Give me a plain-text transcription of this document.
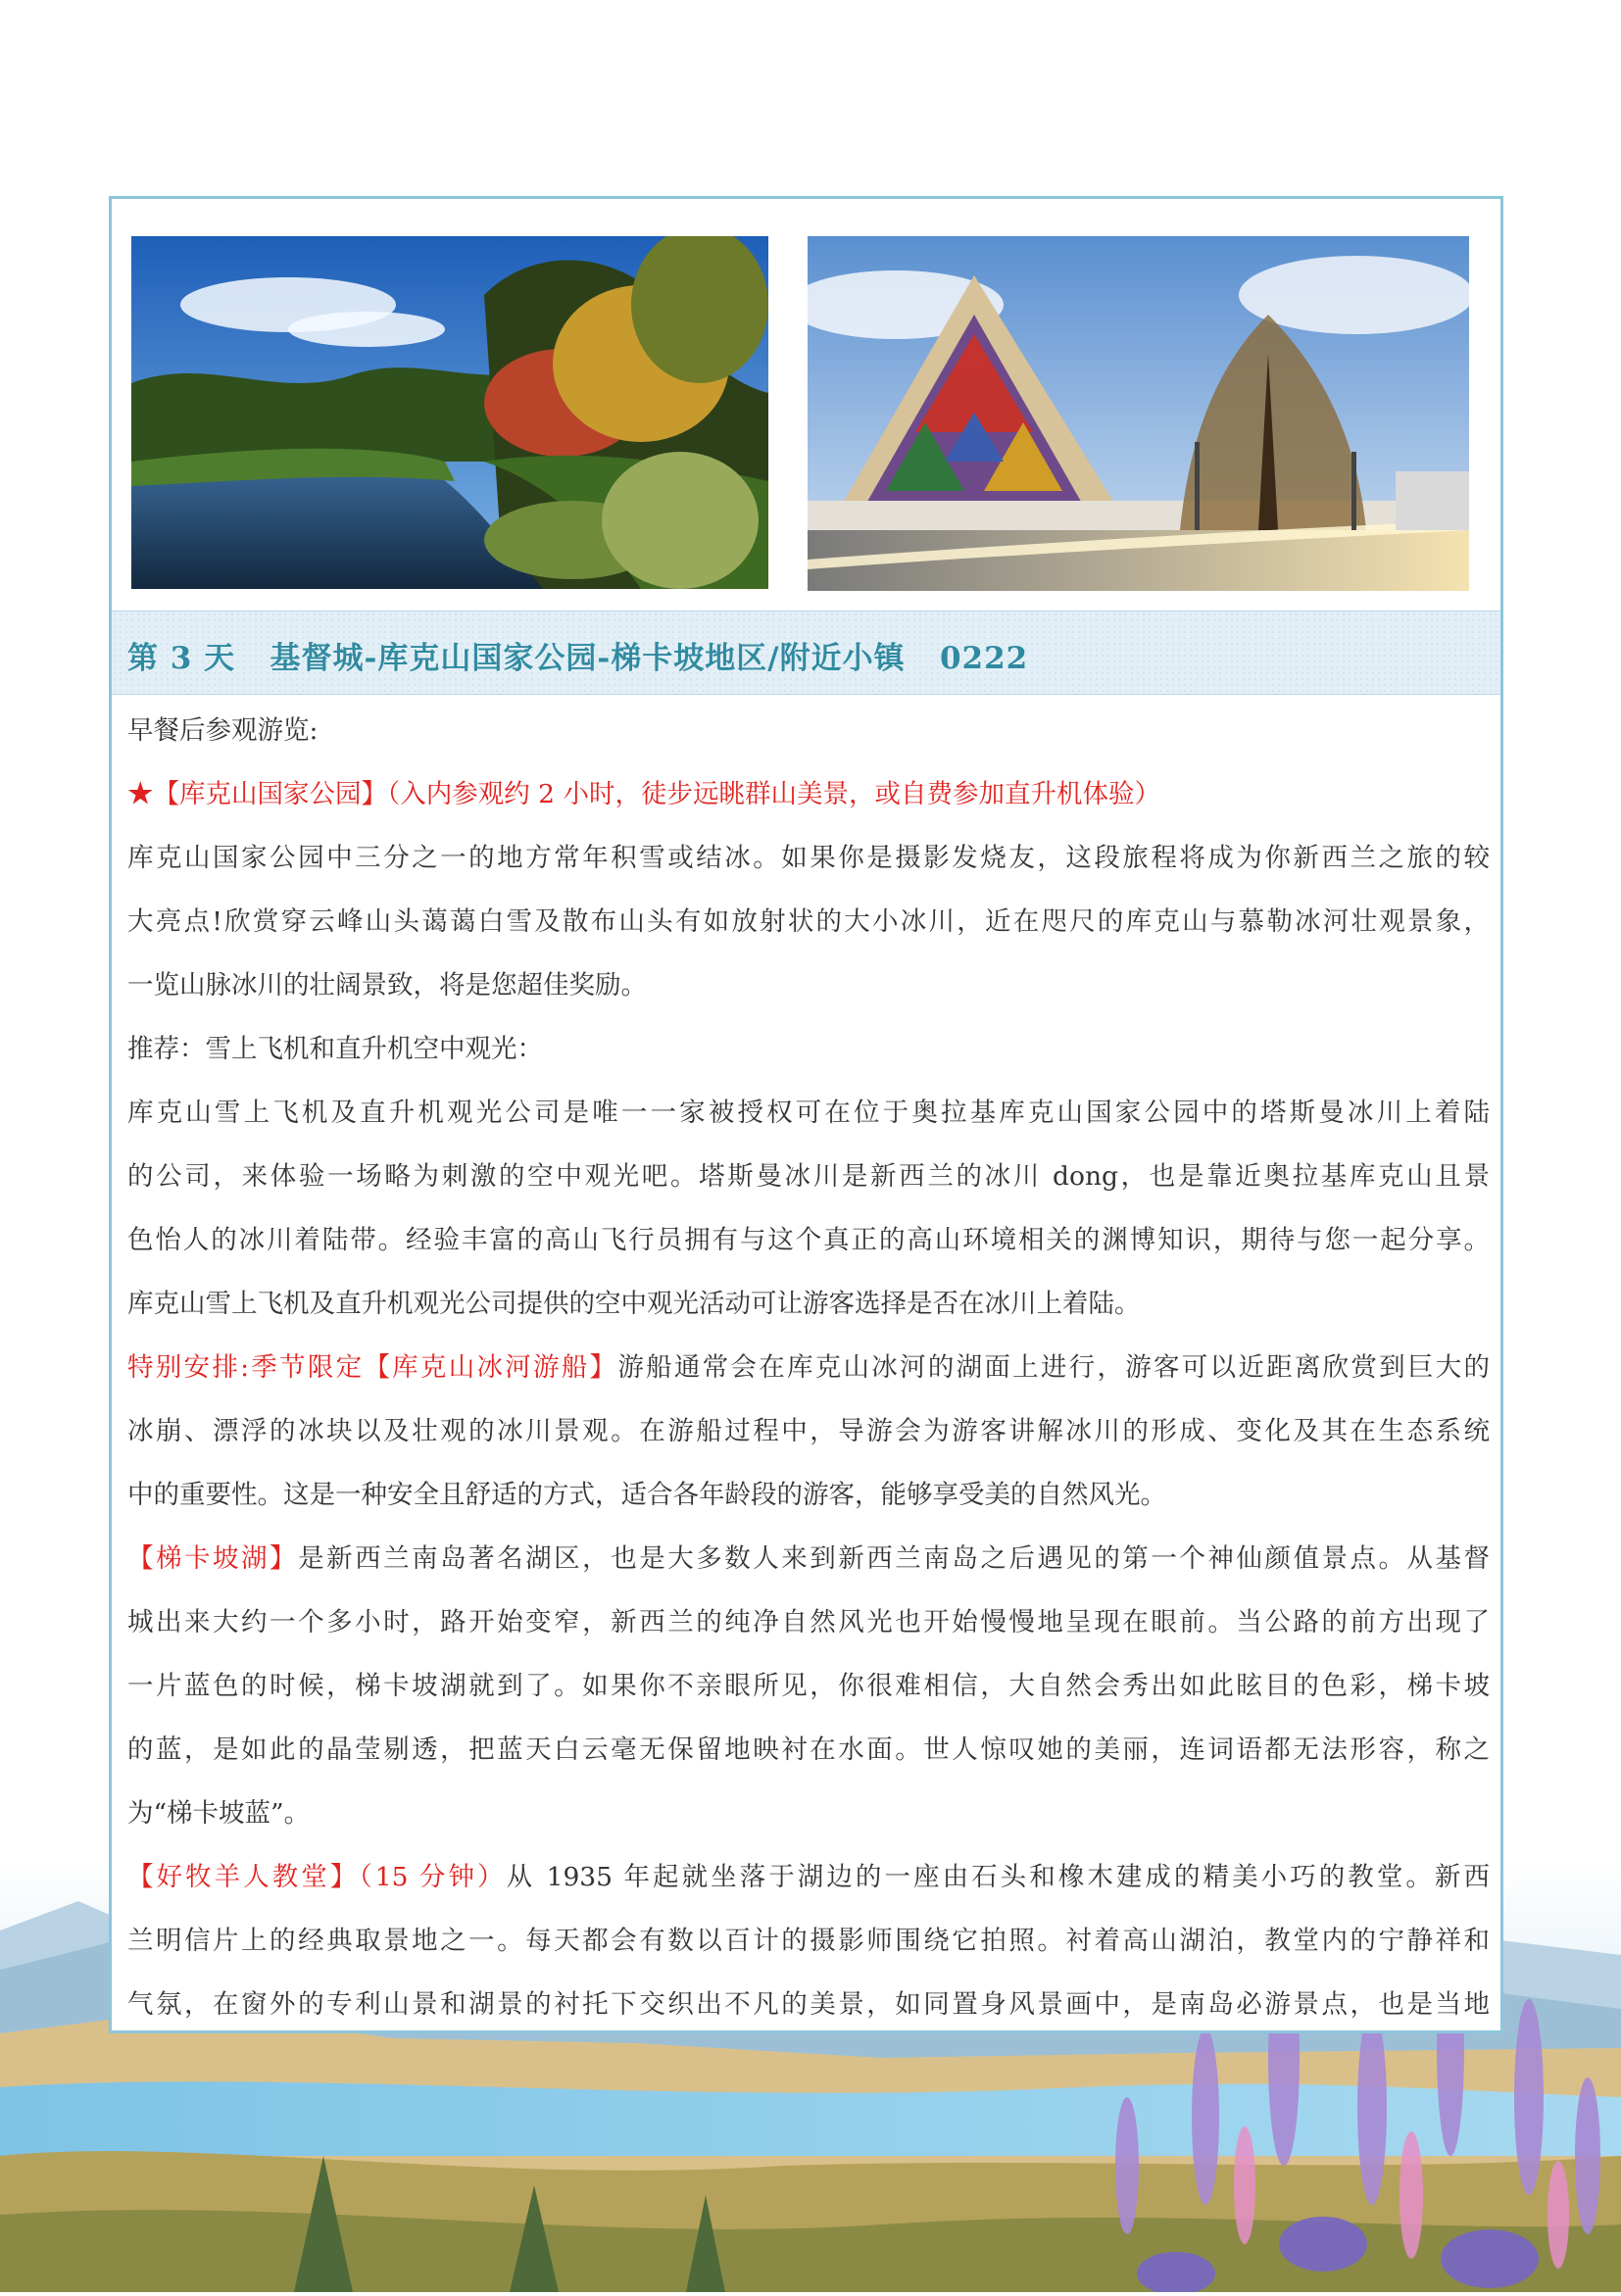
第 3 天   基督城-库克山国家公园-梯卡坡地区/附近小镇   0222
早餐后参观游览:
★【库克山国家公园】（入内参观约 2 小时，徒步远眺群山美景，或自费参加直升机体验）
库克山国家公园中三分之一的地方常年积雪或结冰。如果你是摄影发烧友，这段旅程将成为你新西兰之旅的较
大亮点!欣赏穿云峰山头蔼蔼白雪及散布山头有如放射状的大小冰川，近在咫尺的库克山与慕勒冰河壮观景象，
一览山脉冰川的壮阔景致，将是您超佳奖励。
推荐：雪上飞机和直升机空中观光：
库克山雪上飞机及直升机观光公司是唯一一家被授权可在位于奥拉基库克山国家公园中的塔斯曼冰川上着陆
的公司，来体验一场略为刺激的空中观光吧。塔斯曼冰川是新西兰的冰川 dong，也是靠近奥拉基库克山且景
色怡人的冰川着陆带。经验丰富的高山飞行员拥有与这个真正的高山环境相关的渊博知识，期待与您一起分享。
库克山雪上飞机及直升机观光公司提供的空中观光活动可让游客选择是否在冰川上着陆。
特别安排:季节限定【库克山冰河游船】游船通常会在库克山冰河的湖面上进行，游客可以近距离欣赏到巨大的
冰崩、漂浮的冰块以及壮观的冰川景观。在游船过程中，导游会为游客讲解冰川的形成、变化及其在生态系统
中的重要性。这是一种安全且舒适的方式，适合各年龄段的游客，能够享受美的自然风光。
【梯卡坡湖】是新西兰南岛著名湖区，也是大多数人来到新西兰南岛之后遇见的第一个神仙颜值景点。从基督
城出来大约一个多小时，路开始变窄，新西兰的纯净自然风光也开始慢慢地呈现在眼前。当公路的前方出现了
一片蓝色的时候，梯卡坡湖就到了。如果你不亲眼所见，你很难相信，大自然会秀出如此眩目的色彩，梯卡坡
的蓝，是如此的晶莹剔透，把蓝天白云毫无保留地映衬在水面。世人惊叹她的美丽，连词语都无法形容，称之
为“梯卡坡蓝”。
【好牧羊人教堂】（15 分钟）从 1935 年起就坐落于湖边的一座由石头和橡木建成的精美小巧的教堂。新西
兰明信片上的经典取景地之一。每天都会有数以百计的摄影师围绕它拍照。衬着高山湖泊，教堂内的宁静祥和
气氛，在窗外的专利山景和湖景的衬托下交织出不凡的美景，如同置身风景画中，是南岛必游景点，也是当地
